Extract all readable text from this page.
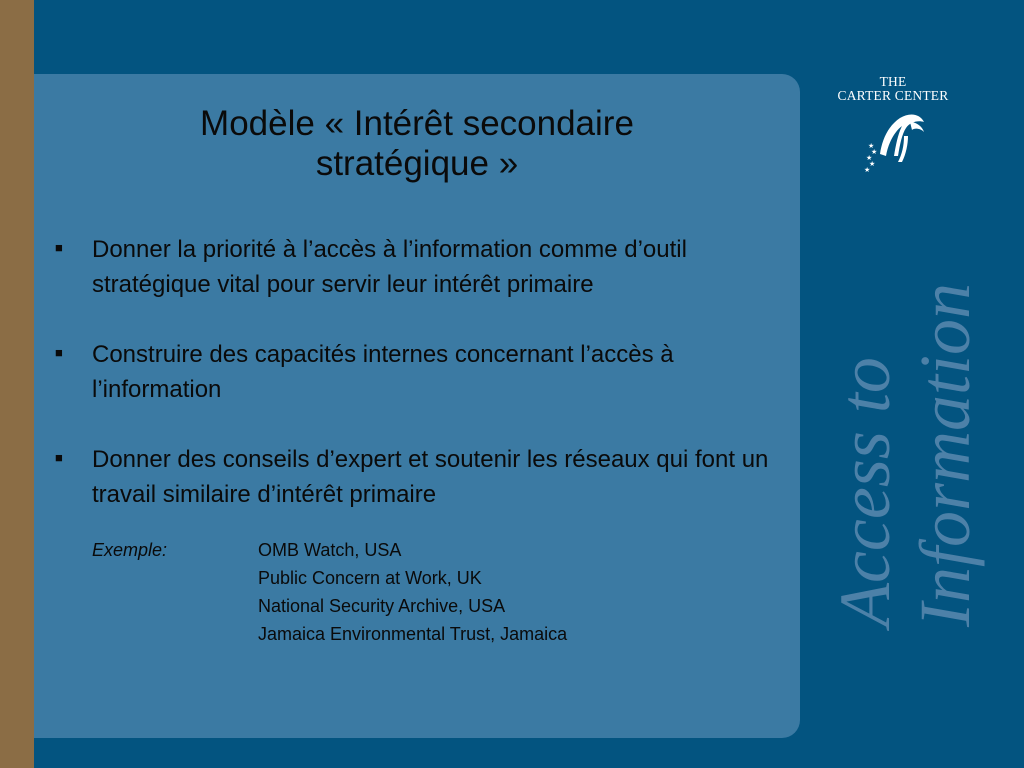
Modèle « Intérêt secondaire
stratégique »
■	Donner la priorité à l’accès à l’information comme d’outil stratégique vital pour servir leur intérêt primaire
■	Construire des capacités internes concernant l’accès à l’information
■	Donner des conseils d’expert et soutenir les réseaux qui font un travail similaire d’intérêt primaire
Exemple:	OMB Watch, USA
Public Concern at Work, UK
National Security Archive, USA
Jamaica Environmental Trust, Jamaica
THE
CARTER CENTER
★
★
★
★
★
Access to Information
